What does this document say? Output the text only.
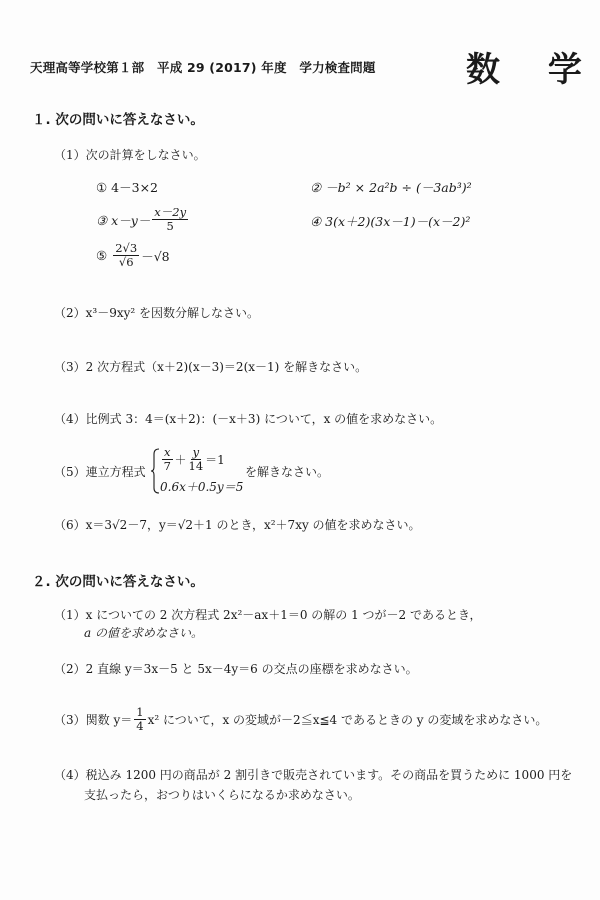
天理高等学校第１部　平成 29 (2017) 年度　学力検査問題	数 学
１. 次の問いに答えなさい。
（1）次の計算をしなさい。
① 4－3×2	② －b² × 2a²b ÷ (－3ab³)²
③ $x-y- \frac{x-2y}{5}$	④ 3(x＋2)(3x－1)－(x－2)²
⑤ $\frac{2√3}{√6} -√8$
（2）x³－9xy² を因数分解しなさい。
（3）2 次方程式（x＋2)(x－3)＝2(x－1) を解きなさい。
（4）比例式 3：4＝(x＋2)：(－x＋3) について，x の値を求めなさい。
（5）連立方程式 $\frac{x}{7} + \frac{y}{14} =1$
0.6x＋0.5y＝5
を解きなさい。
（6）x＝3√2－7，y＝√2＋1 のとき，x²＋7xy の値を求めなさい。
２. 次の問いに答えなさい。
（1）x についての 2 次方程式 2x²－ax＋1＝0 の解の 1 つが－2 であるとき，
a の値を求めなさい。
（2）2 直線 y＝3x－5 と 5x－4y＝6 の交点の座標を求めなさい。
（3）関数 $y= \frac{1}{4} x^2$ について，x の変域が－2≦x≦4 であるときの y の変域を求めなさい。
（4）税込み 1200 円の商品が 2 割引きで販売されています。その商品を買うために 1000 円を
支払ったら，おつりはいくらになるか求めなさい。
